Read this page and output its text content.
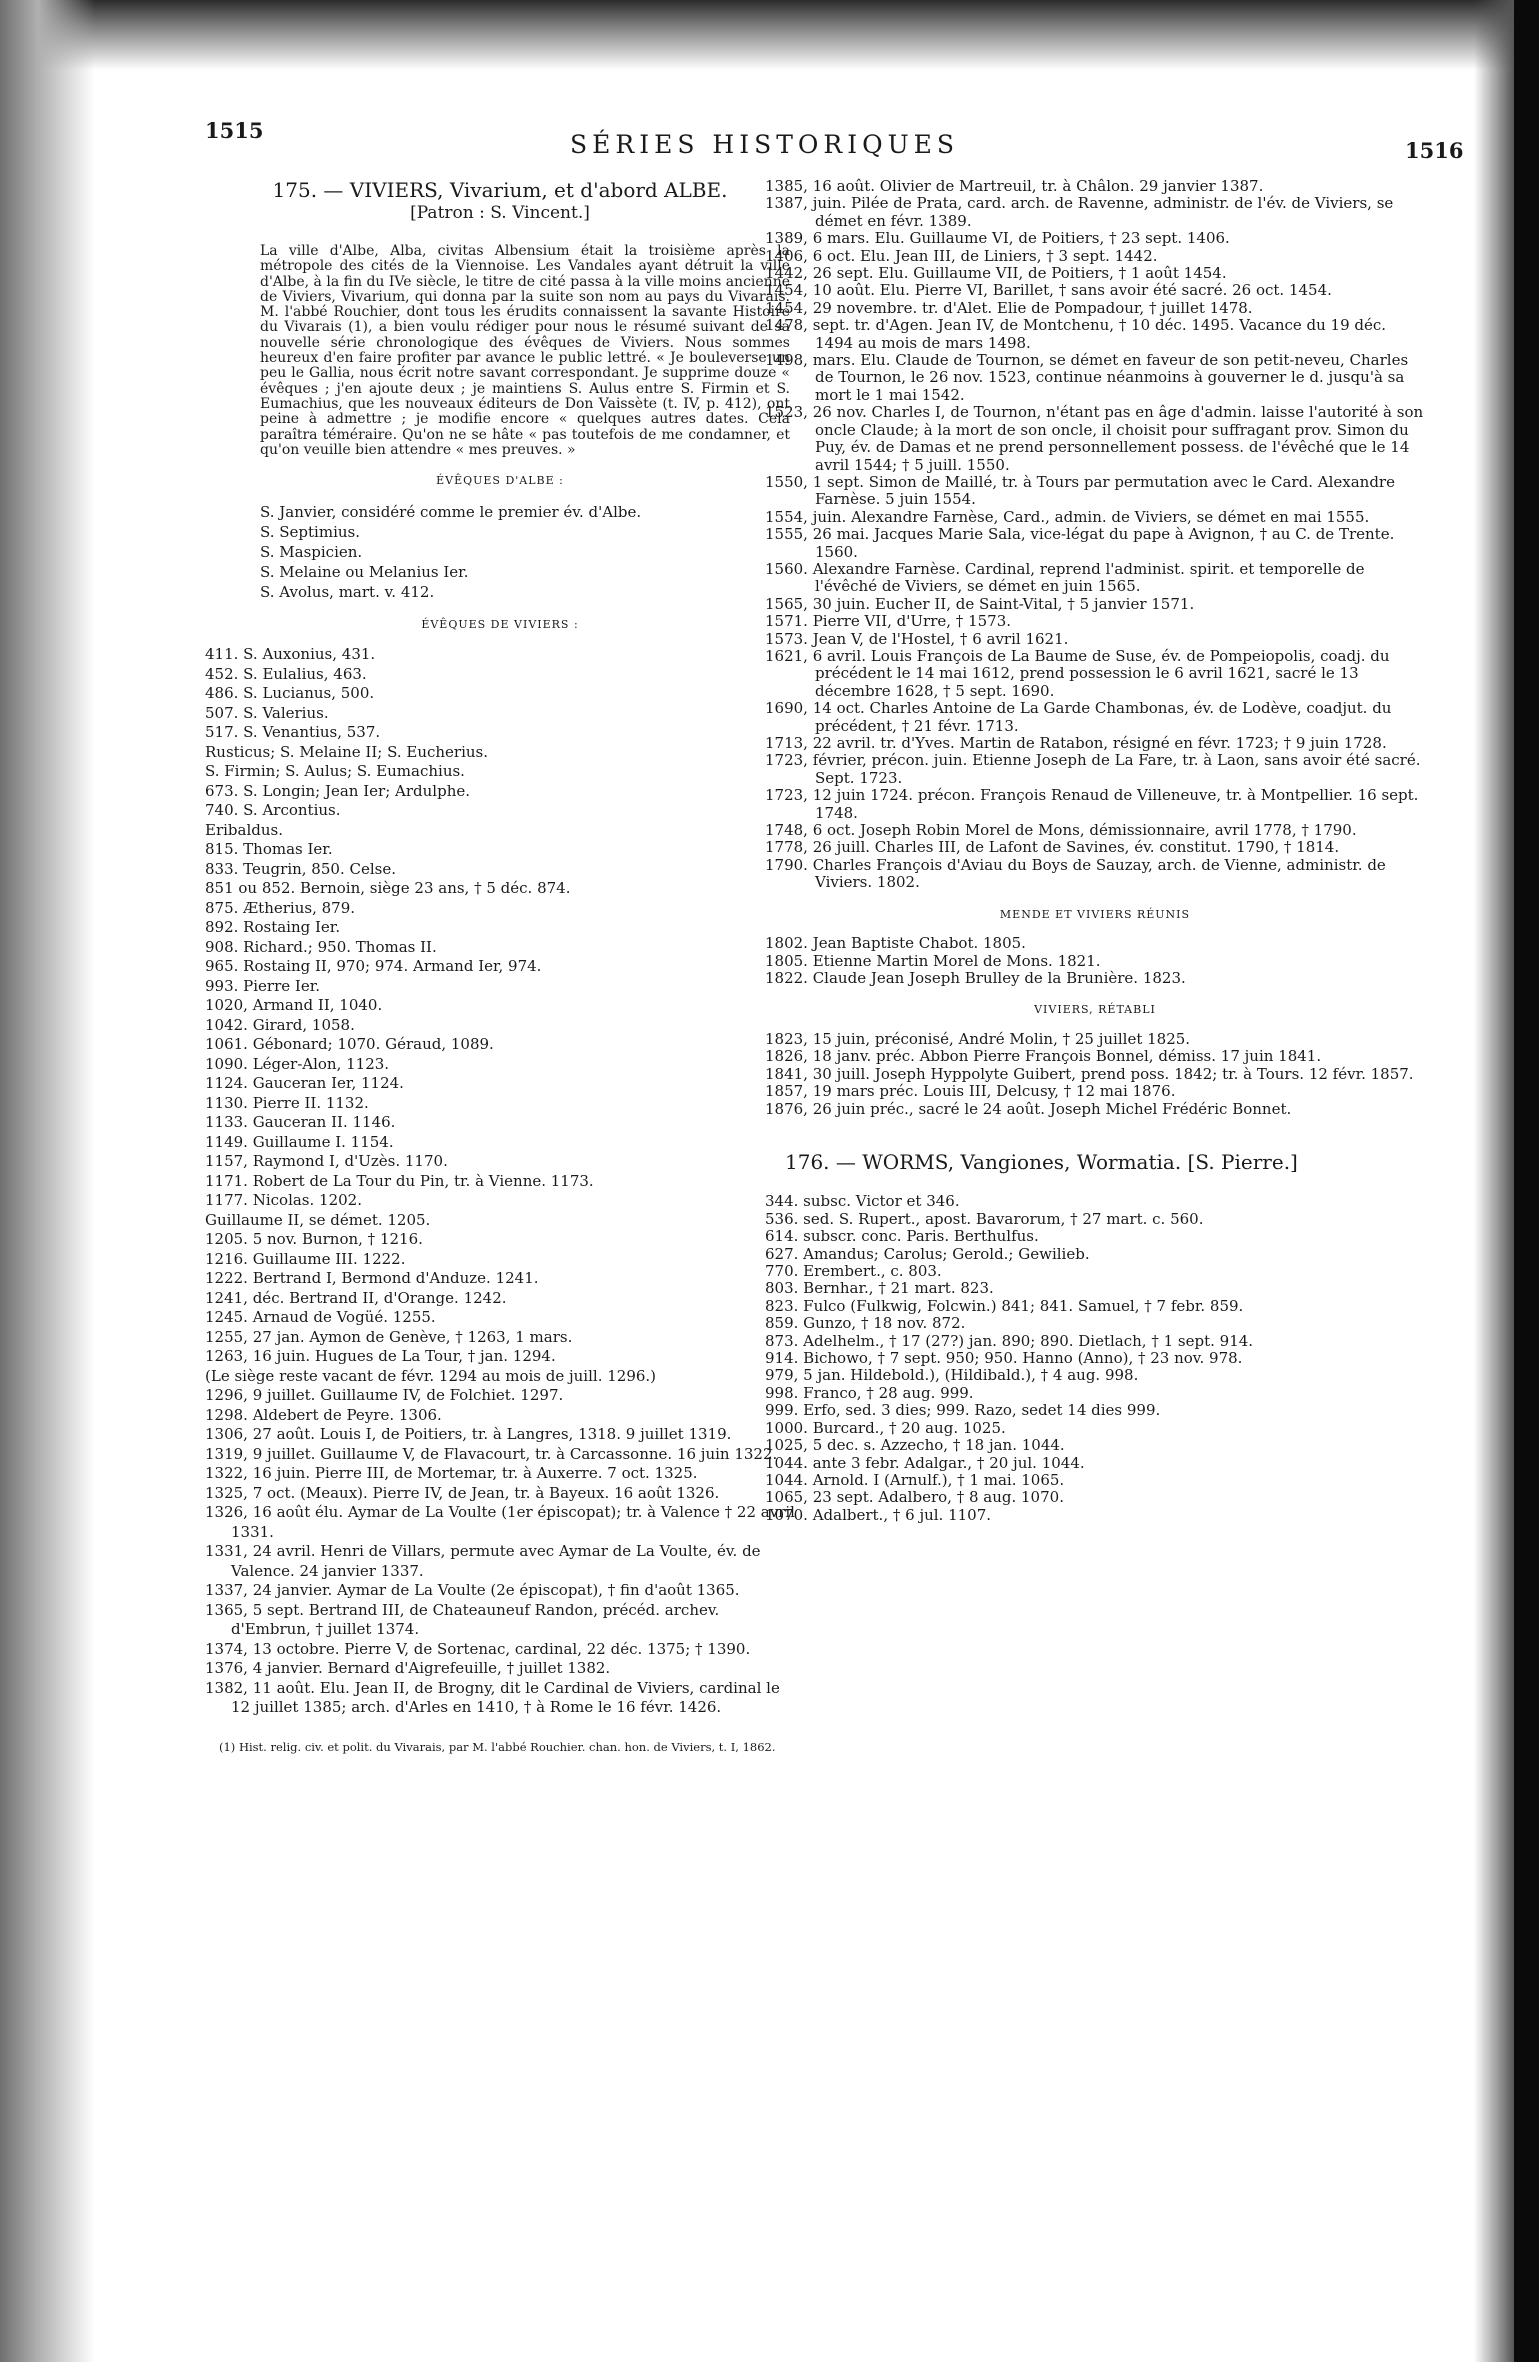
1515	SÉRIES HISTORIQUES	1516
175. — VIVIERS, Vivarium, et d'abord ALBE.
[Patron : S. Vincent.]
La ville d'Albe, Alba, civitas Albensium était la troisième après la métropole des cités de la Viennoise. Les Vandales ayant détruit la ville d'Albe, à la fin du IVe siècle, le titre de cité passa à la ville moins ancienne de Viviers, Vivarium, qui donna par la suite son nom au pays du Vivarais. M. l'abbé Rouchier, dont tous les érudits connaissent la savante Histoire du Vivarais (1), a bien voulu rédiger pour nous le résumé suivant de sa nouvelle série chronologique des évêques de Viviers. Nous sommes heureux d'en faire profiter par avance le public lettré. « Je bouleverse un peu le Gallia, nous écrit notre savant correspondant. Je supprime douze « évêques ; j'en ajoute deux ; je maintiens S. Aulus entre S. Firmin et S. Eumachius, que les nouveaux éditeurs de Don Vaissète (t. IV, p. 412), ont peine à admettre ; je modifie encore « quelques autres dates. Cela paraîtra téméraire. Qu'on ne se hâte « pas toutefois de me condamner, et qu'on veuille bien attendre « mes preuves. »
ÉVÊQUES D'ALBE :
S. Janvier, considéré comme le premier év. d'Albe.
S. Septimius.
S. Maspicien.
S. Melaine ou Melanius Ier.
S. Avolus, mart. v. 412.
ÉVÊQUES DE VIVIERS :
411. S. Auxonius, 431.
452. S. Eulalius, 463.
486. S. Lucianus, 500.
507. S. Valerius.
517. S. Venantius, 537.
Rusticus; S. Melaine II; S. Eucherius.
S. Firmin; S. Aulus; S. Eumachius.
673. S. Longin; Jean Ier; Ardulphe.
740. S. Arcontius.
Eribaldus.
815. Thomas Ier.
833. Teugrin, 850. Celse.
851 ou 852. Bernoin, siège 23 ans, † 5 déc. 874.
875. Ætherius, 879.
892. Rostaing Ier.
908. Richard.; 950. Thomas II.
965. Rostaing II, 970; 974. Armand Ier, 974.
993. Pierre Ier.
1020, Armand II, 1040.
1042. Girard, 1058.
1061. Gébonard; 1070. Géraud, 1089.
1090. Léger-Alon, 1123.
1124. Gauceran Ier, 1124.
1130. Pierre II. 1132.
1133. Gauceran II. 1146.
1149. Guillaume I. 1154.
1157, Raymond I, d'Uzès. 1170.
1171. Robert de La Tour du Pin, tr. à Vienne. 1173.
1177. Nicolas. 1202.
Guillaume II, se démet. 1205.
1205. 5 nov. Burnon, † 1216.
1216. Guillaume III. 1222.
1222. Bertrand I, Bermond d'Anduze. 1241.
1241, déc. Bertrand II, d'Orange. 1242.
1245. Arnaud de Vogüé. 1255.
1255, 27 jan. Aymon de Genève, † 1263, 1 mars.
1263, 16 juin. Hugues de La Tour, † jan. 1294.
(Le siège reste vacant de févr. 1294 au mois de juill. 1296.)
1296, 9 juillet. Guillaume IV, de Folchiet. 1297.
1298. Aldebert de Peyre. 1306.
1306, 27 août. Louis I, de Poitiers, tr. à Langres, 1318. 9 juillet 1319.
1319, 9 juillet. Guillaume V, de Flavacourt, tr. à Carcassonne. 16 juin 1322.
1322, 16 juin. Pierre III, de Mortemar, tr. à Auxerre. 7 oct. 1325.
1325, 7 oct. (Meaux). Pierre IV, de Jean, tr. à Bayeux. 16 août 1326.
1326, 16 août élu. Aymar de La Voulte (1er épiscopat); tr. à Valence † 22 avril 1331.
1331, 24 avril. Henri de Villars, permute avec Aymar de La Voulte, év. de Valence. 24 janvier 1337.
1337, 24 janvier. Aymar de La Voulte (2e épiscopat), † fin d'août 1365.
1365, 5 sept. Bertrand III, de Chateauneuf Randon, précéd. archev. d'Embrun, † juillet 1374.
1374, 13 octobre. Pierre V, de Sortenac, cardinal, 22 déc. 1375; † 1390.
1376, 4 janvier. Bernard d'Aigrefeuille, † juillet 1382.
1382, 11 août. Elu. Jean II, de Brogny, dit le Cardinal de Viviers, cardinal le 12 juillet 1385; arch. d'Arles en 1410, † à Rome le 16 févr. 1426.
(1) Hist. relig. civ. et polit. du Vivarais, par M. l'abbé Rouchier. chan. hon. de Viviers, t. I, 1862.
1385, 16 août. Olivier de Martreuil, tr. à Châlon. 29 janvier 1387.
1387, juin. Pilée de Prata, card. arch. de Ravenne, administr. de l'év. de Viviers, se démet en févr. 1389.
1389, 6 mars. Elu. Guillaume VI, de Poitiers, † 23 sept. 1406.
1406, 6 oct. Elu. Jean III, de Liniers, † 3 sept. 1442.
1442, 26 sept. Elu. Guillaume VII, de Poitiers, † 1 août 1454.
1454, 10 août. Elu. Pierre VI, Barillet, † sans avoir été sacré. 26 oct. 1454.
1454, 29 novembre. tr. d'Alet. Elie de Pompadour, † juillet 1478.
1478, sept. tr. d'Agen. Jean IV, de Montchenu, † 10 déc. 1495. Vacance du 19 déc. 1494 au mois de mars 1498.
1498, mars. Elu. Claude de Tournon, se démet en faveur de son petit-neveu, Charles de Tournon, le 26 nov. 1523, continue néanmoins à gouverner le d. jusqu'à sa mort le 1 mai 1542.
1523, 26 nov. Charles I, de Tournon, n'étant pas en âge d'admin. laisse l'autorité à son oncle Claude; à la mort de son oncle, il choisit pour suffragant prov. Simon du Puy, év. de Damas et ne prend personnellement possess. de l'évêché que le 14 avril 1544; † 5 juill. 1550.
1550, 1 sept. Simon de Maillé, tr. à Tours par permutation avec le Card. Alexandre Farnèse. 5 juin 1554.
1554, juin. Alexandre Farnèse, Card., admin. de Viviers, se démet en mai 1555.
1555, 26 mai. Jacques Marie Sala, vice-légat du pape à Avignon, † au C. de Trente. 1560.
1560. Alexandre Farnèse. Cardinal, reprend l'administ. spirit. et temporelle de l'évêché de Viviers, se démet en juin 1565.
1565, 30 juin. Eucher II, de Saint-Vital, † 5 janvier 1571.
1571. Pierre VII, d'Urre, † 1573.
1573. Jean V, de l'Hostel, † 6 avril 1621.
1621, 6 avril. Louis François de La Baume de Suse, év. de Pompeiopolis, coadj. du précédent le 14 mai 1612, prend possession le 6 avril 1621, sacré le 13 décembre 1628, † 5 sept. 1690.
1690, 14 oct. Charles Antoine de La Garde Chambonas, év. de Lodève, coadjut. du précédent, † 21 févr. 1713.
1713, 22 avril. tr. d'Yves. Martin de Ratabon, résigné en févr. 1723; † 9 juin 1728.
1723, février, précon. juin. Etienne Joseph de La Fare, tr. à Laon, sans avoir été sacré. Sept. 1723.
1723, 12 juin 1724. précon. François Renaud de Villeneuve, tr. à Montpellier. 16 sept. 1748.
1748, 6 oct. Joseph Robin Morel de Mons, démissionnaire, avril 1778, † 1790.
1778, 26 juill. Charles III, de Lafont de Savines, év. constitut. 1790, † 1814.
1790. Charles François d'Aviau du Boys de Sauzay, arch. de Vienne, administr. de Viviers. 1802.
MENDE ET VIVIERS RÉUNIS
1802. Jean Baptiste Chabot. 1805.
1805. Etienne Martin Morel de Mons. 1821.
1822. Claude Jean Joseph Brulley de la Brunière. 1823.
VIVIERS, RÉTABLI
1823, 15 juin, préconisé, André Molin, † 25 juillet 1825.
1826, 18 janv. préc. Abbon Pierre François Bonnel, démiss. 17 juin 1841.
1841, 30 juill. Joseph Hyppolyte Guibert, prend poss. 1842; tr. à Tours. 12 févr. 1857.
1857, 19 mars préc. Louis III, Delcusy, † 12 mai 1876.
1876, 26 juin préc., sacré le 24 août. Joseph Michel Frédéric Bonnet.
176. — WORMS, Vangiones, Wormatia. [S. Pierre.]
344. subsc. Victor et 346.
536. sed. S. Rupert., apost. Bavarorum, † 27 mart. c. 560.
614. subscr. conc. Paris. Berthulfus.
627. Amandus; Carolus; Gerold.; Gewilieb.
770. Erembert., c. 803.
803. Bernhar., † 21 mart. 823.
823. Fulco (Fulkwig, Folcwin.) 841; 841. Samuel, † 7 febr. 859.
859. Gunzo, † 18 nov. 872.
873. Adelhelm., † 17 (27?) jan. 890; 890. Dietlach, † 1 sept. 914.
914. Bichowo, † 7 sept. 950; 950. Hanno (Anno), † 23 nov. 978.
979, 5 jan. Hildebold.), (Hildibald.), † 4 aug. 998.
998. Franco, † 28 aug. 999.
999. Erfo, sed. 3 dies; 999. Razo, sedet 14 dies 999.
1000. Burcard., † 20 aug. 1025.
1025, 5 dec. s. Azzecho, † 18 jan. 1044.
1044. ante 3 febr. Adalgar., † 20 jul. 1044.
1044. Arnold. I (Arnulf.), † 1 mai. 1065.
1065, 23 sept. Adalbero, † 8 aug. 1070.
1070. Adalbert., † 6 jul. 1107.
